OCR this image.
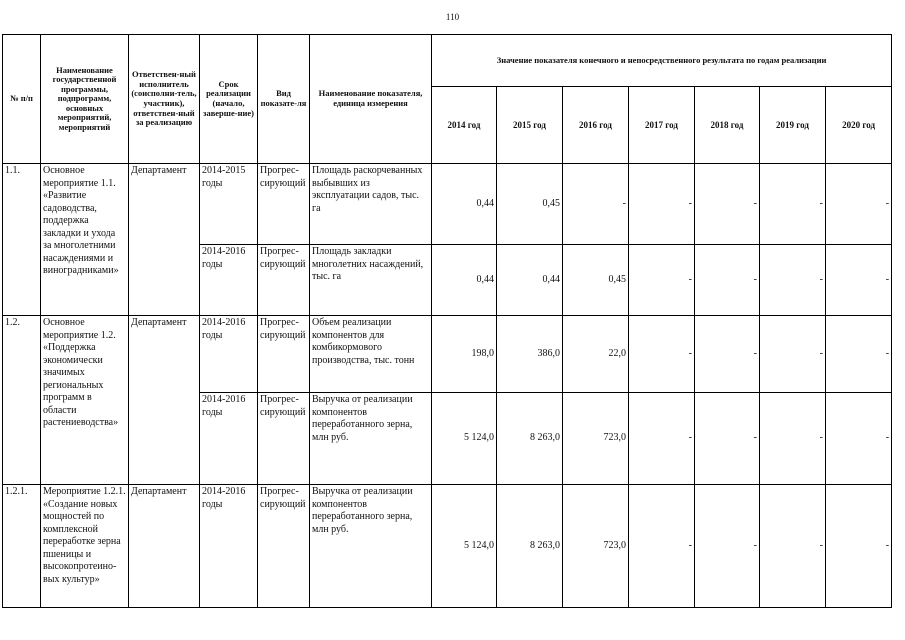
110
№ п/п	Наименование государственной программы, подпрограмм, основных мероприятий, мероприятий	Ответствен-ный исполнитель (соисполни-тель, участник), ответствен-ный за реализацию	Срок реализации (начало, заверше-ние)	Вид показате-ля	Наименование показателя, единица измерения	Значение показателя конечного и непосредственного результата по годам реализации						
						2014 год	2015 год	2016 год	2017 год	2018 год	2019 год	2020 год
1.1.	Основное мероприятие 1.1. «Развитие садоводства, поддержка закладки и ухода за многолетними насаждениями и виноградниками»	Департамент	2014-2015 годы	Прогрес-сирующий	Площадь раскорчеванных выбывших из эксплуатации садов, тыс. га	0,44	0,45	-	-	-	-	-
			2014-2016 годы	Прогрес-сирующий	Площадь закладки многолетних насаждений, тыс. га	0,44	0,44	0,45	-	-	-	-
1.2.	Основное мероприятие 1.2. «Поддержка экономически значимых региональных программ в области растениеводства»	Департамент	2014-2016 годы	Прогрес-сирующий	Объем реализации компонентов для комбикормового производства, тыс. тонн	198,0	386,0	22,0	-	-	-	-
			2014-2016 годы	Прогрес-сирующий	Выручка от реализации компонентов переработанного зерна, млн руб.	5 124,0	8 263,0	723,0	-	-	-	-
1.2.1.	Мероприятие 1.2.1. «Создание новых мощностей по комплексной переработке зерна пшеницы и высокопротеино-вых культур»	Департамент	2014-2016 годы	Прогрес-сирующий	Выручка от реализации компонентов переработанного зерна, млн руб.	5 124,0	8 263,0	723,0	-	-	-	-
